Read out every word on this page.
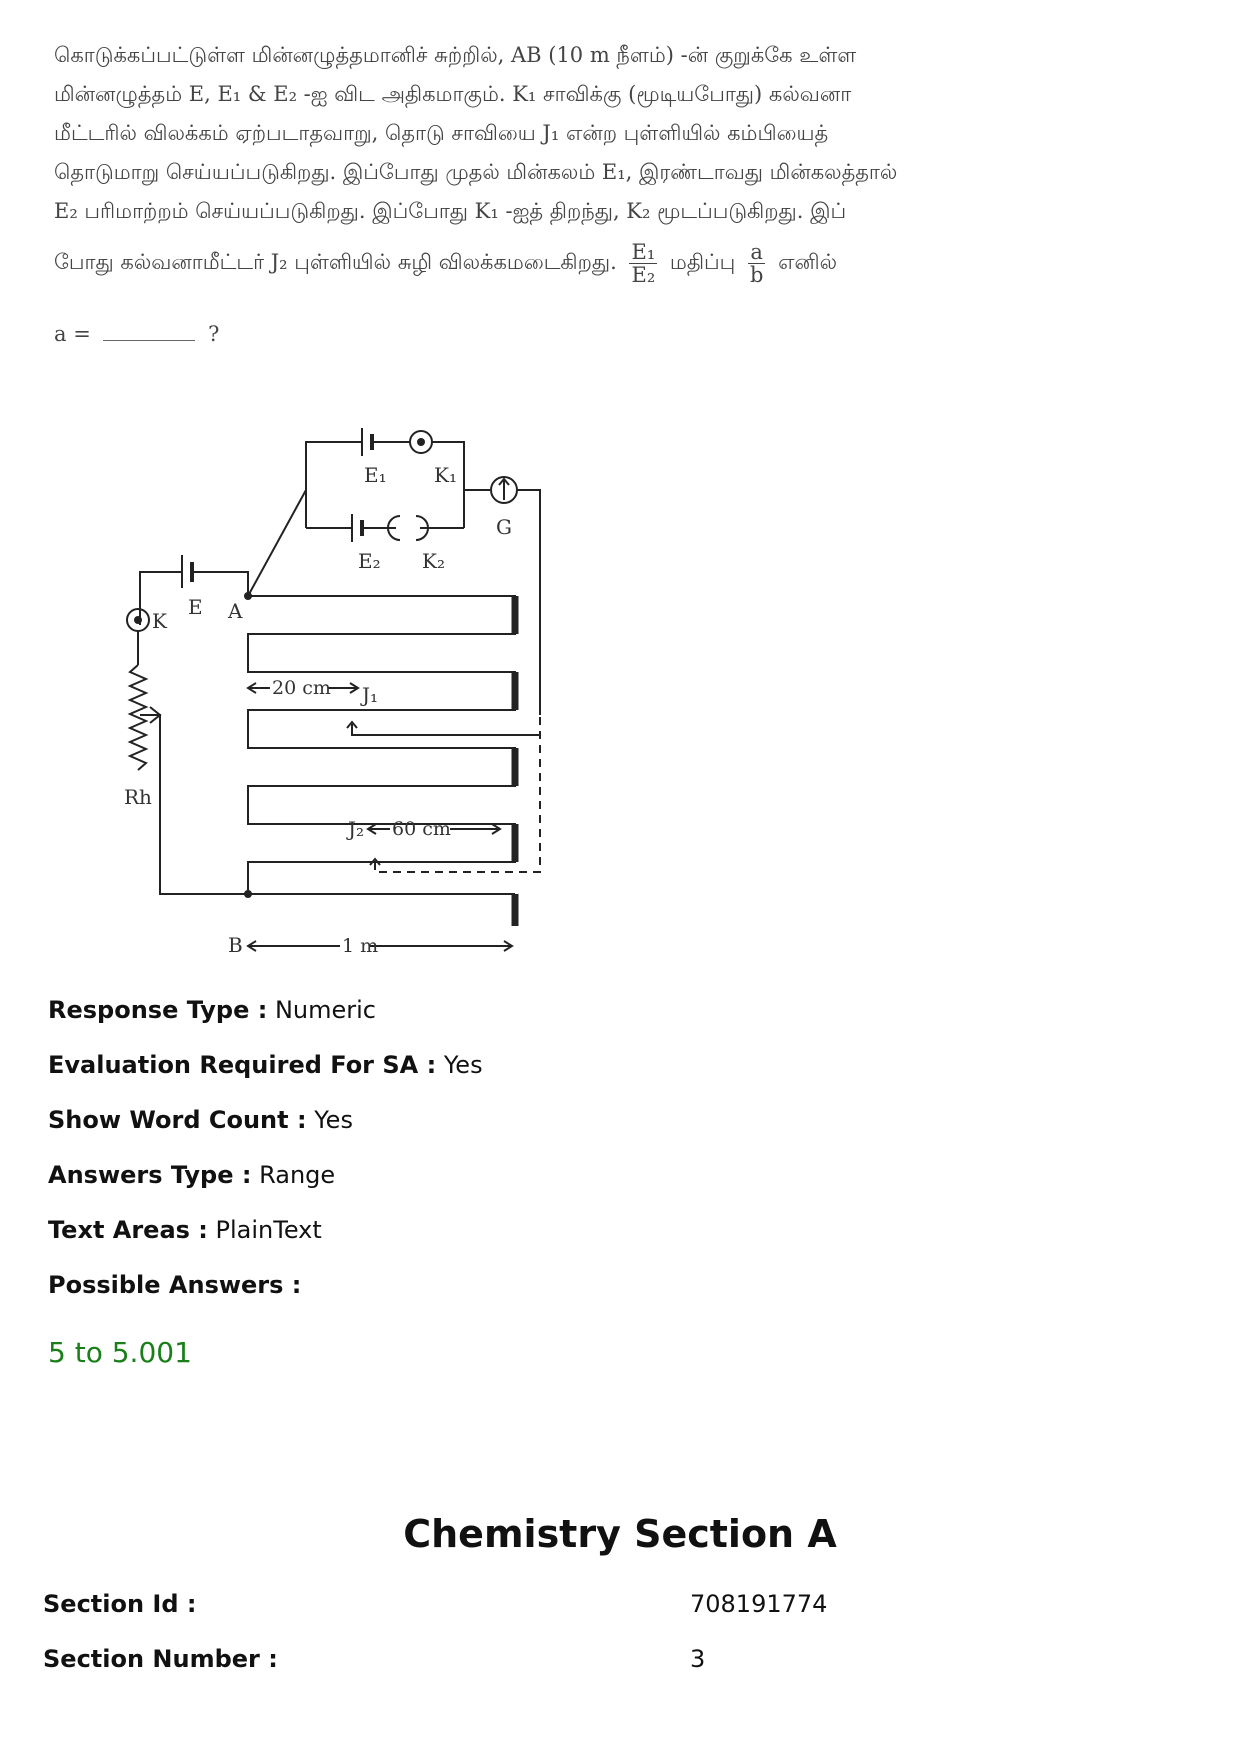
கொடுக்கப்பட்டுள்ள மின்னழுத்தமானிச் சுற்றில், AB (10 m நீளம்) -ன் குறுக்கே உள்ள
மின்னழுத்தம் E, E₁ & E₂ -ஐ விட அதிகமாகும். K₁ சாவிக்கு (மூடியபோது) கல்வனா
மீட்டரில் விலக்கம் ஏற்படாதவாறு, தொடு சாவியை J₁ என்ற புள்ளியில் கம்பியைத்
தொடுமாறு செய்யப்படுகிறது. இப்போது முதல் மின்கலம் E₁, இரண்டாவது மின்கலத்தால்
E₂ பரிமாற்றம் செய்யப்படுகிறது. இப்போது K₁ -ஐத் திறந்து, K₂ மூடப்படுகிறது. இப்
போது கல்வனாமீட்டர் J₂ புள்ளியில் சுழி விலக்கமடைகிறது. $\frac{\text{E₁}}{\text{E₂}}$ மதிப்பு $\frac{a}{b}$ எனில்
a =	?
E₁ K₁
E₂ K₂
G
E A
K
Rh
B
20 cm J₁
J₂ 60 cm
1 m
Response Type : Numeric
Evaluation Required For SA : Yes
Show Word Count : Yes
Answers Type : Range
Text Areas : PlainText
Possible Answers :
5 to 5.001
Chemistry Section A
Section Id :	708191774
Section Number :	3
